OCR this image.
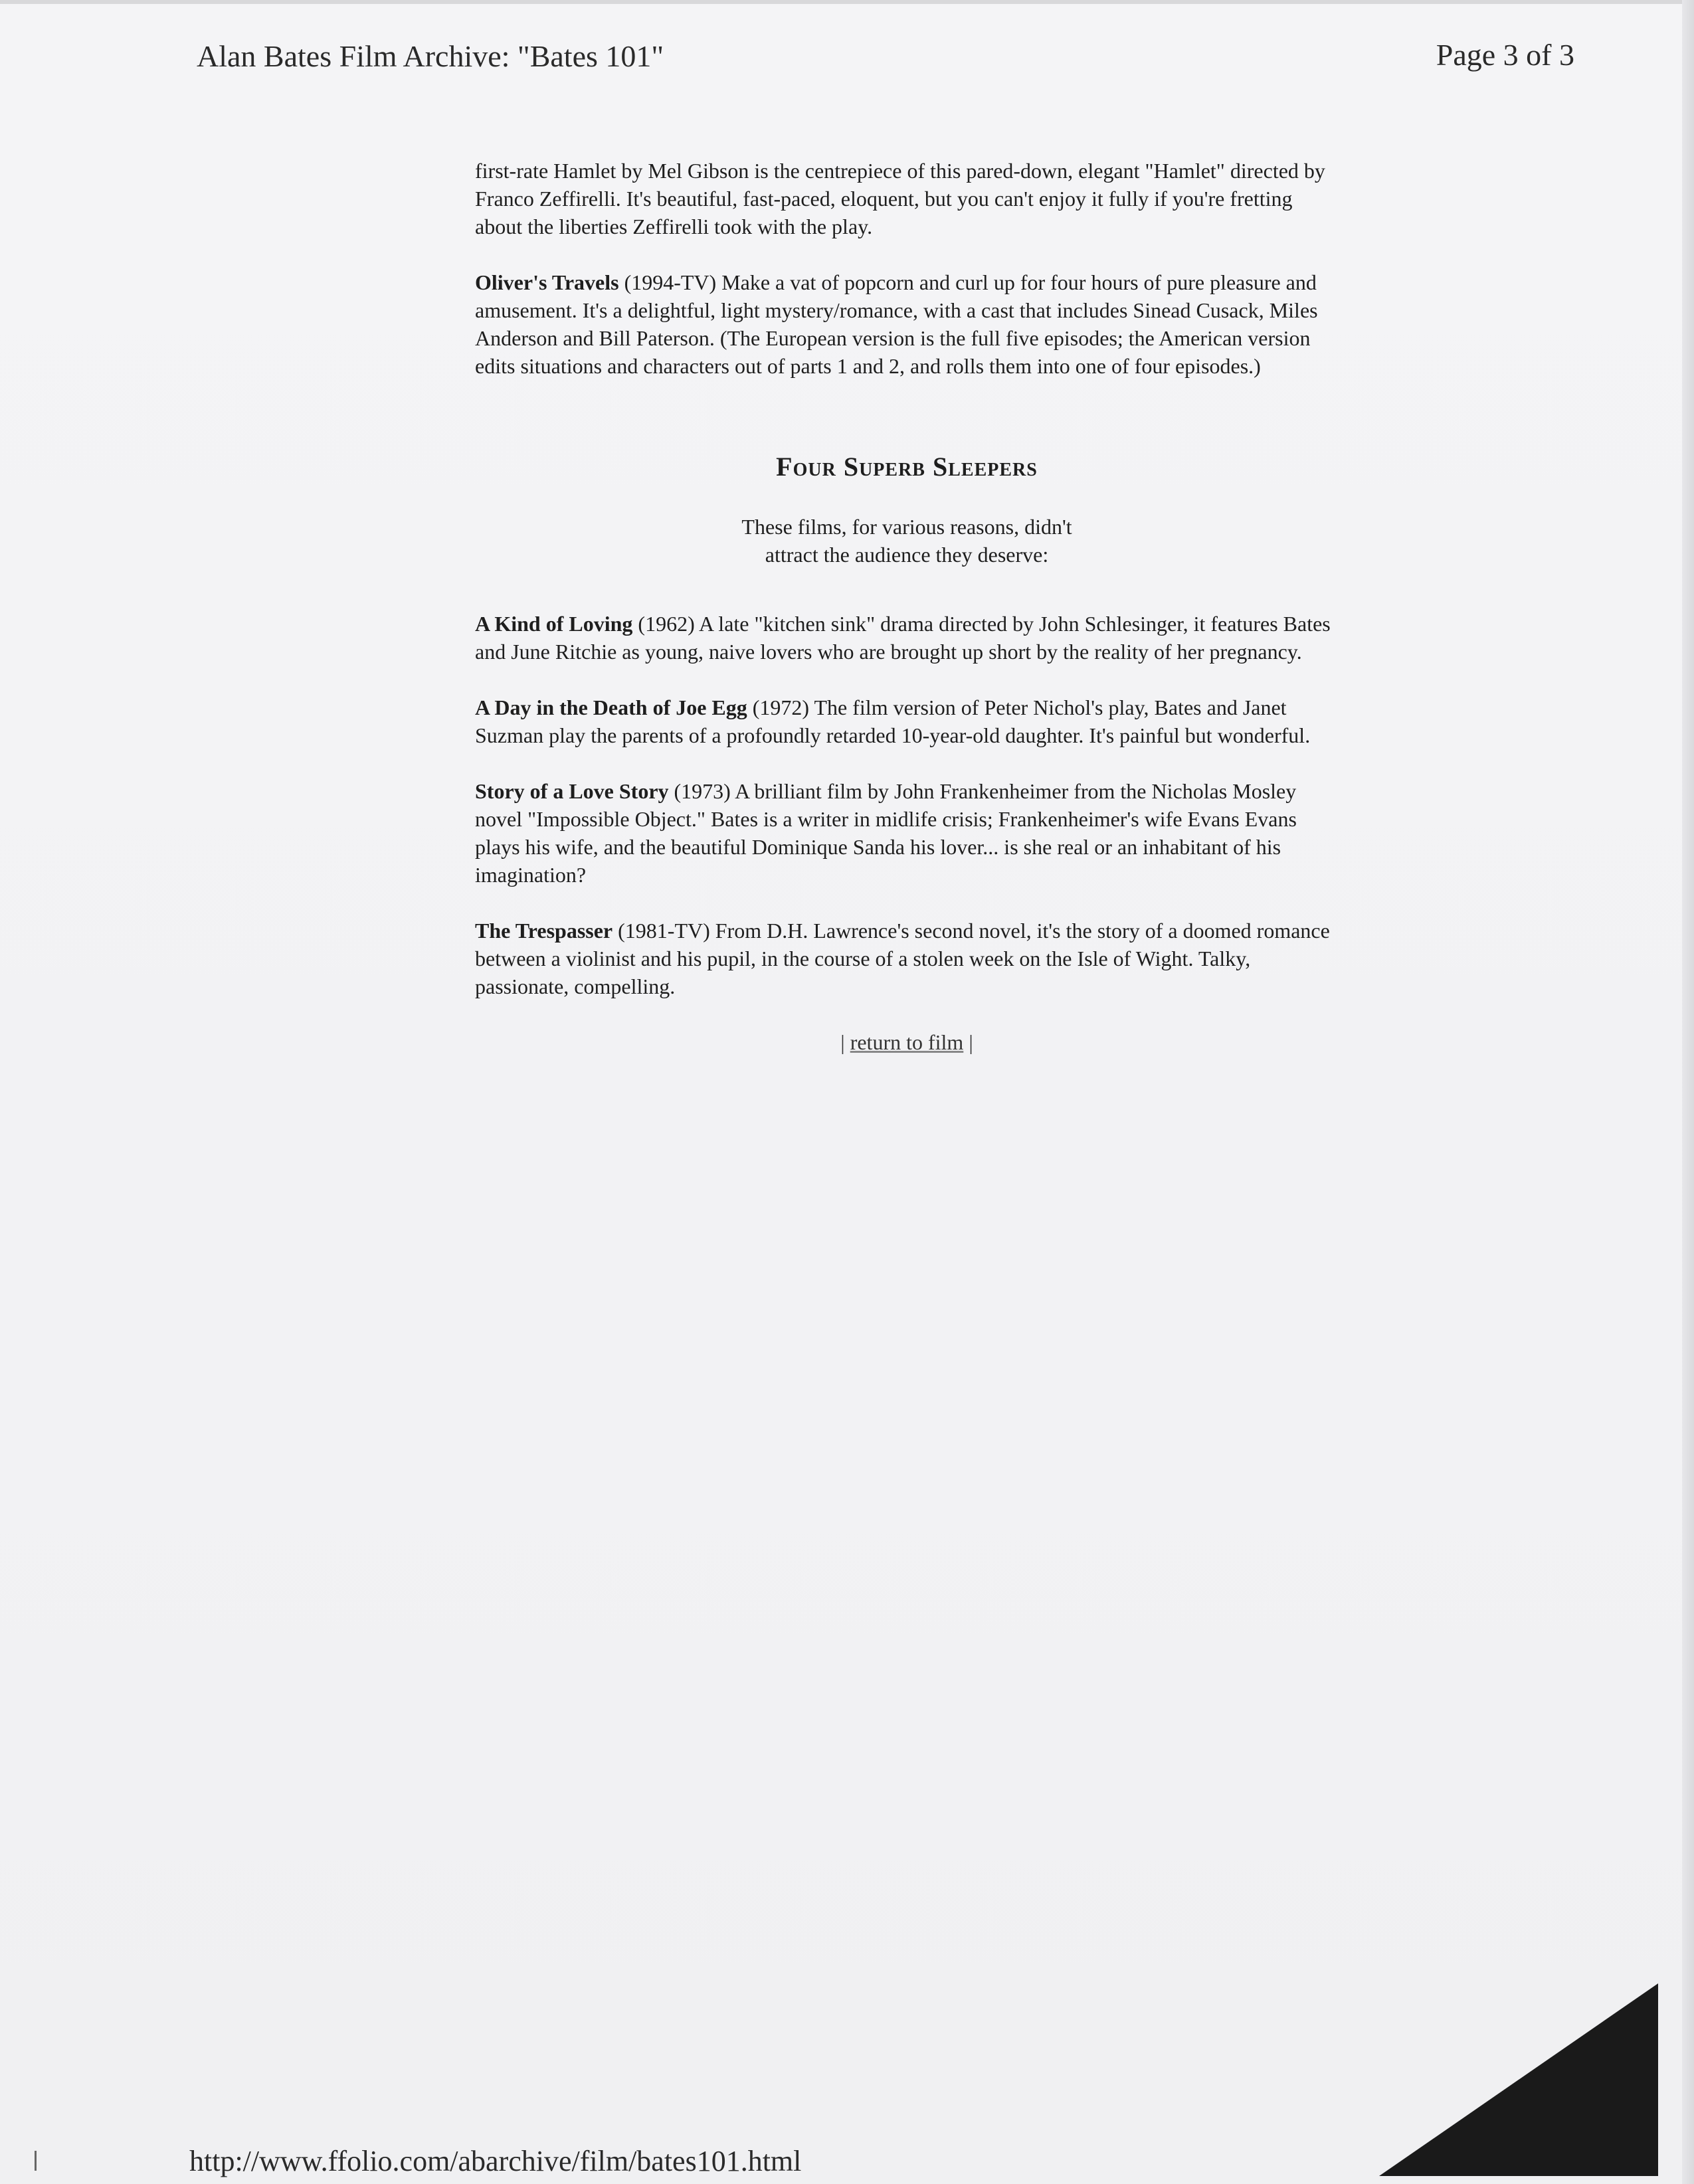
Alan Bates Film Archive: "Bates 101"	Page 3 of 3

first-rate Hamlet by Mel Gibson is the centrepiece of this pared-down, elegant "Hamlet" directed by Franco Zeffirelli. It's beautiful, fast-paced, eloquent, but you can't enjoy it fully if you're fretting about the liberties Zeffirelli took with the play.

Oliver's Travels (1994-TV) Make a vat of popcorn and curl up for four hours of pure pleasure and amusement. It's a delightful, light mystery/romance, with a cast that includes Sinead Cusack, Miles Anderson and Bill Paterson. (The European version is the full five episodes; the American version edits situations and characters out of parts 1 and 2, and rolls them into one of four episodes.)

Four Superb Sleepers
These films, for various reasons, didn't attract the audience they deserve:

A Kind of Loving (1962) A late "kitchen sink" drama directed by John Schlesinger, it features Bates and June Ritchie as young, naive lovers who are brought up short by the reality of her pregnancy.

A Day in the Death of Joe Egg (1972) The film version of Peter Nichol's play, Bates and Janet Suzman play the parents of a profoundly retarded 10-year-old daughter. It's painful but wonderful.

Story of a Love Story (1973) A brilliant film by John Frankenheimer from the Nicholas Mosley novel "Impossible Object." Bates is a writer in midlife crisis; Frankenheimer's wife Evans Evans plays his wife, and the beautiful Dominique Sanda his lover... is she real or an inhabitant of his imagination?

The Trespasser (1981-TV) From D.H. Lawrence's second novel, it's the story of a doomed romance between a violinist and his pupil, in the course of a stolen week on the Isle of Wight. Talky, passionate, compelling.

| return to film |
http://www.ffolio.com/abarchive/film/bates101.html
